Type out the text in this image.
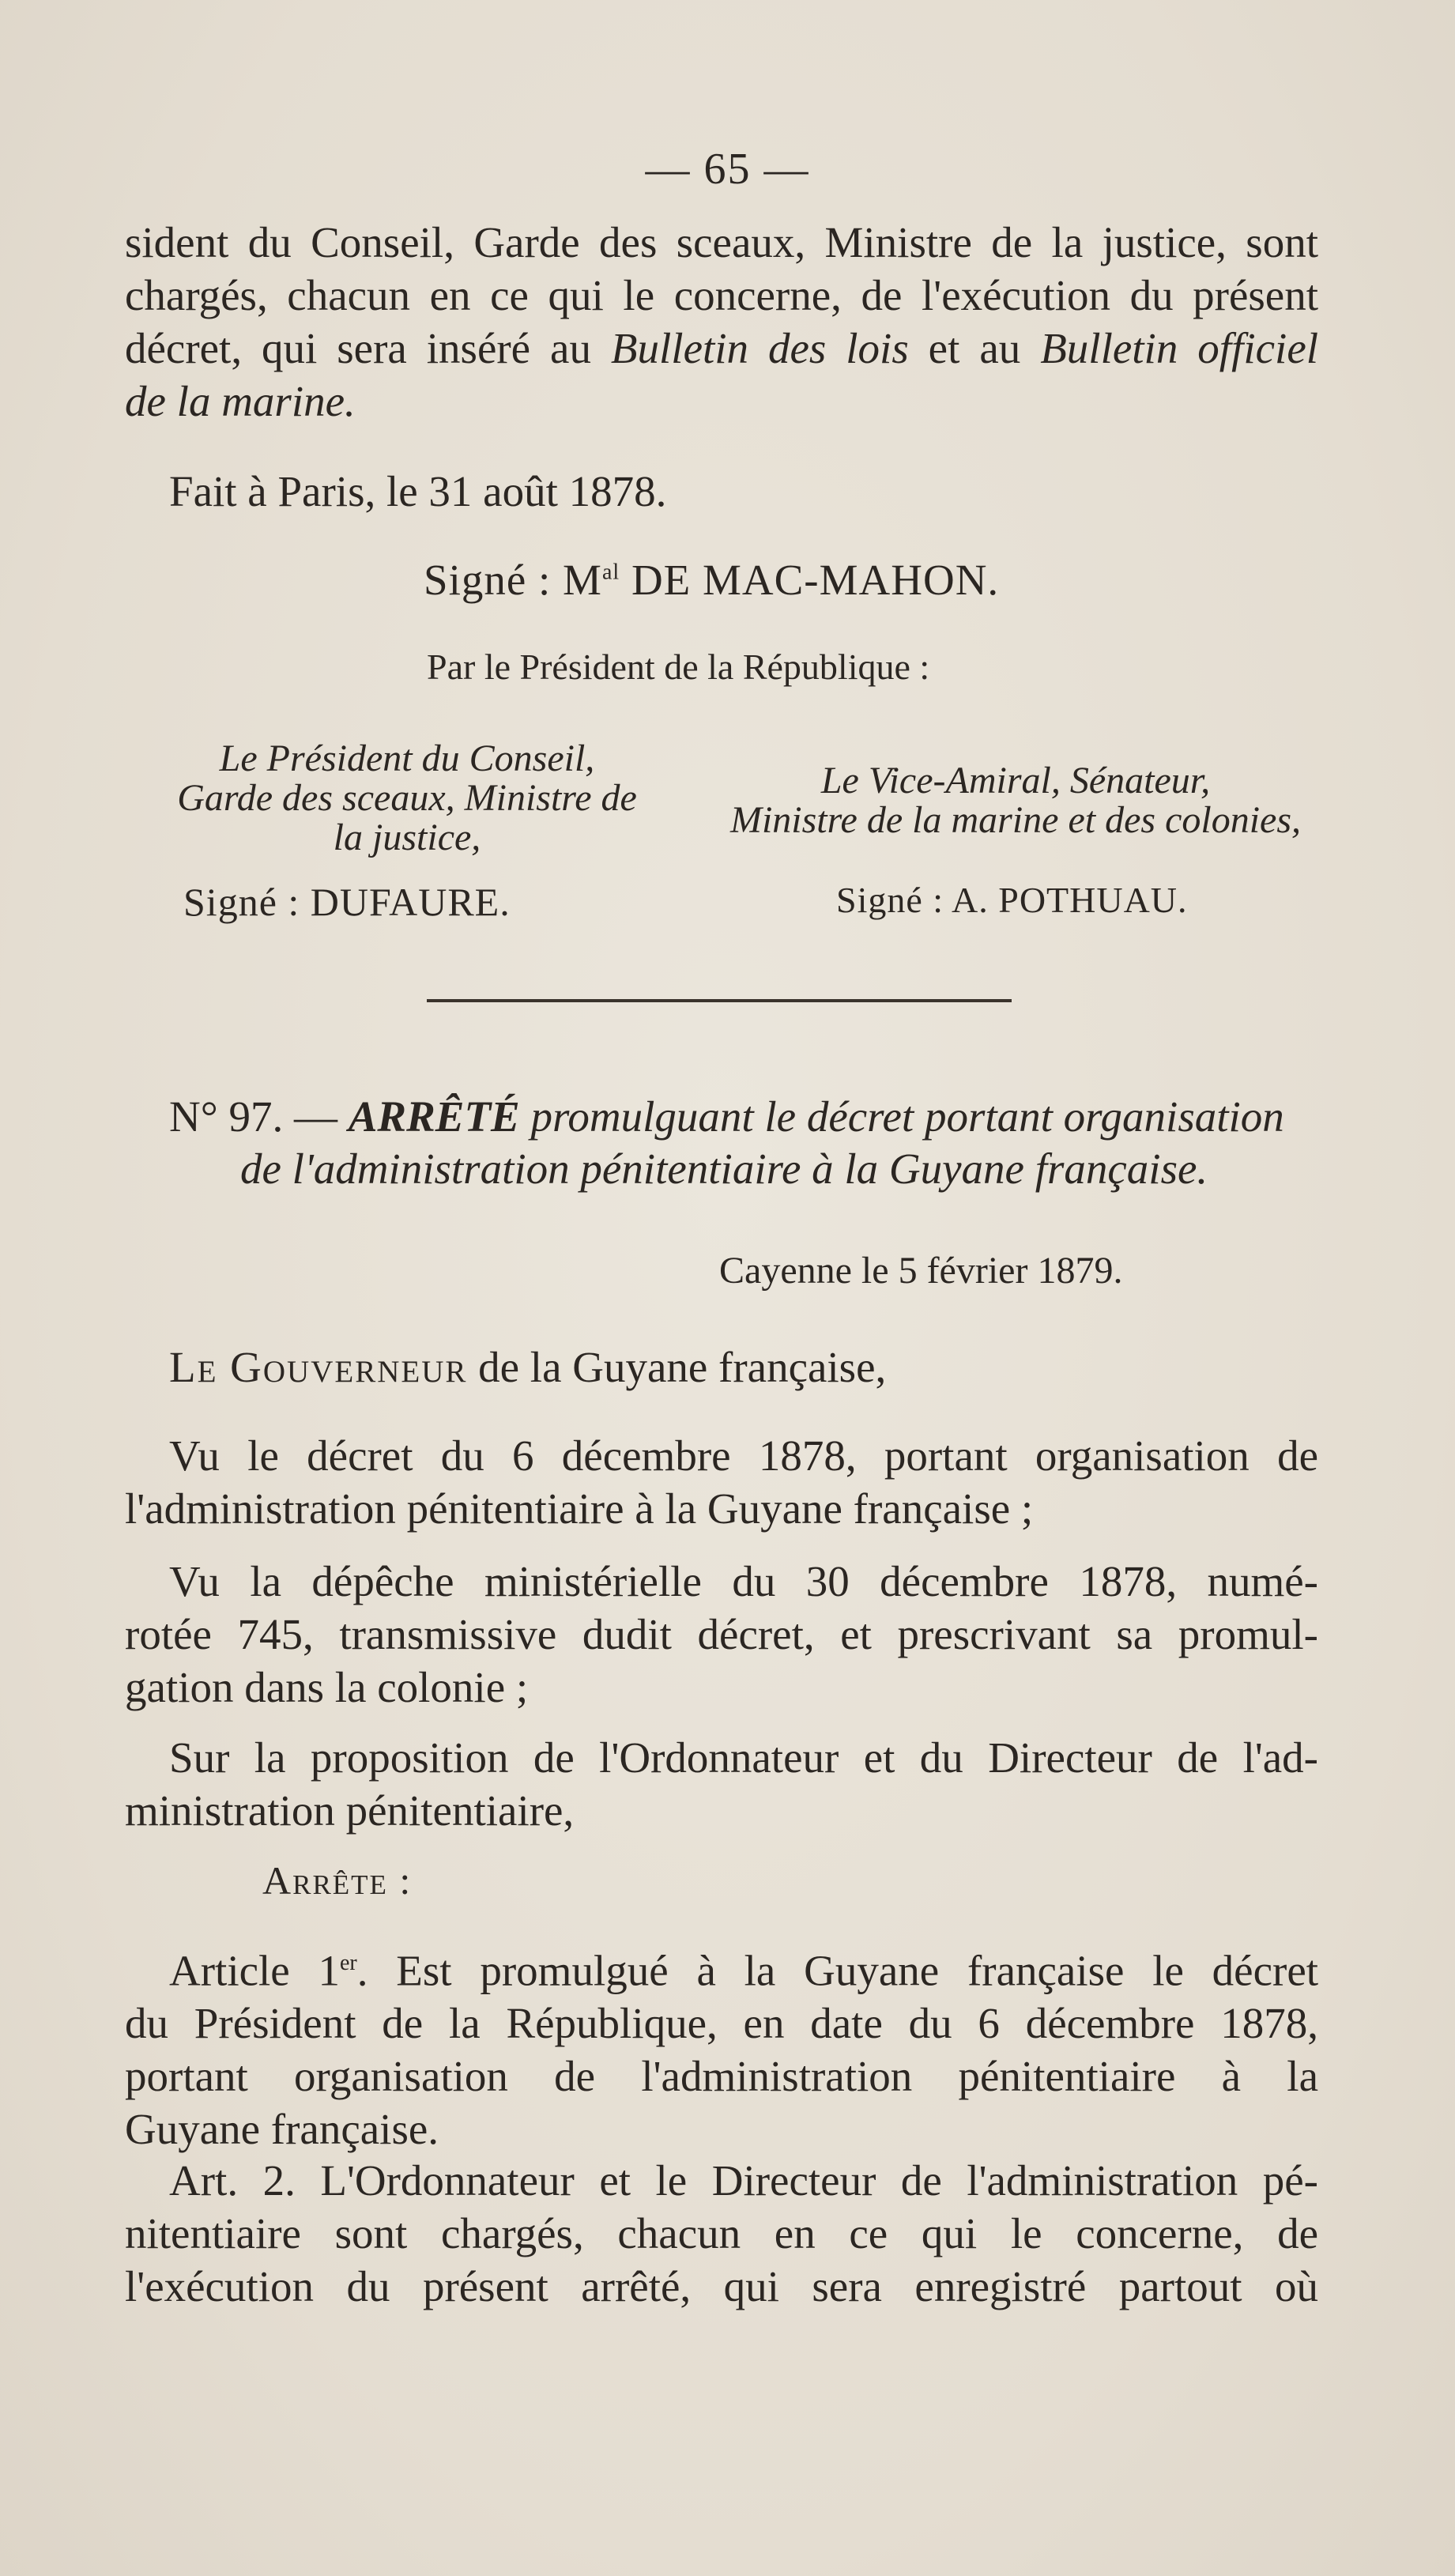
— 65 —
sident du Conseil, Garde des sceaux, Ministre de la justice, sont
chargés, chacun en ce qui le concerne, de l'exécution du présent
décret, qui sera inséré au Bulletin des lois et au Bulletin officiel
de la marine.
Fait à Paris, le 31 août 1878.
Signé : $M^{al}$ DE MAC-MAHON.
Par le Président de la République :
Le Président du Conseil,
Garde des sceaux, Ministre de
la justice,
Signé : DUFAURE.
Le Vice-Amiral, Sénateur,
Ministre de la marine et des colonies,
Signé : A. POTHUAU.
N° 97. — ARRÊTÉ promulguant le décret portant organisation
de l'administration pénitentiaire à la Guyane française.
Cayenne le 5 février 1879.
Le Gouverneur de la Guyane française,
Vu le décret du 6 décembre 1878, portant organisation de
l'administration pénitentiaire à la Guyane française ;
Vu la dépêche ministérielle du 30 décembre 1878, numé-
rotée 745, transmissive dudit décret, et prescrivant sa promul-
gation dans la colonie ;
Sur la proposition de l'Ordonnateur et du Directeur de l'ad-
ministration pénitentiaire,
Arrête :
Article 1er. Est promulgué à la Guyane française le décret
du Président de la République, en date du 6 décembre 1878,
portant organisation de l'administration pénitentiaire à la
Guyane française.
Art. 2. L'Ordonnateur et le Directeur de l'administration pé-
nitentiaire sont chargés, chacun en ce qui le concerne, de
l'exécution du présent arrêté, qui sera enregistré partout où
